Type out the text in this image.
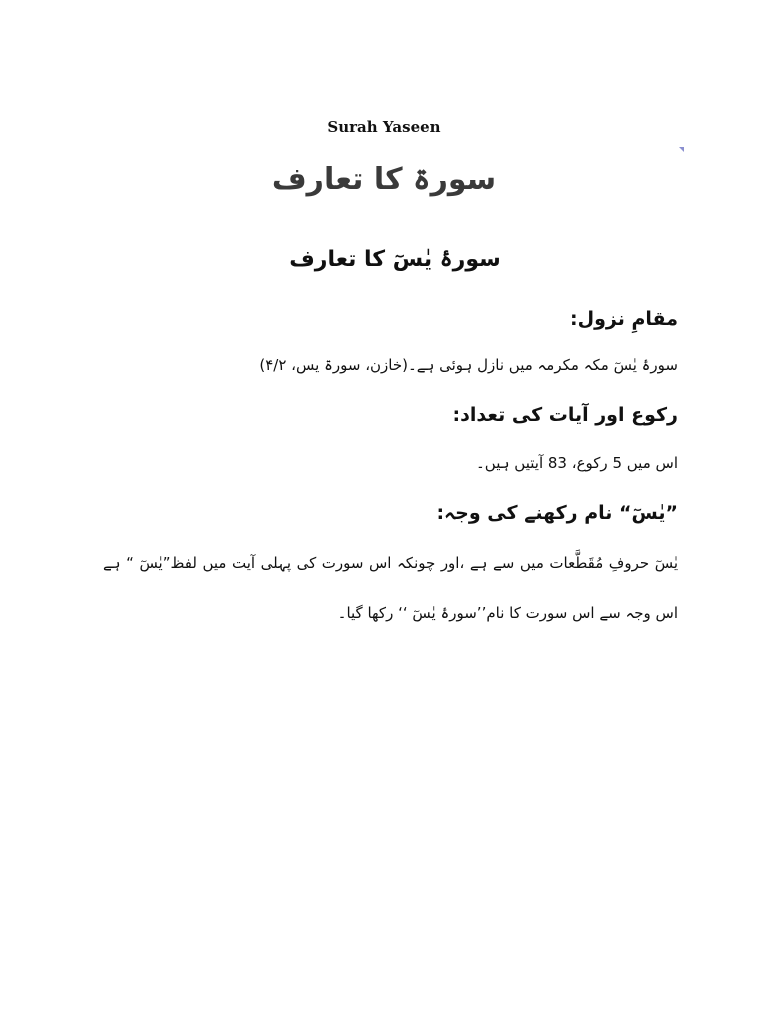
Surah Yaseen
سورۃ کا تعارف
سورۂ یٰسٓ کا تعارف
مقامِ نزول:
سورۂ یٰسٓ مکہ مکرمہ میں نازل ہوئی ہے۔(خازن، سورۃ یس، ۴/۲)
رکوع اور آیات کی تعداد:
اس میں 5 رکوع، 83 آیتیں ہیں۔
”یٰسٓ“ نام رکھنے کی وجہ:
یٰسٓ حروفِ مُقَطَّعات میں سے ہے ،اور چونکہ اس سورت کی پہلی آیت میں لفظ”یٰسٓ “ ہے اس وجہ سے اس سورت کا نام’’سورۂ یٰسٓ ‘‘ رکھا گیا۔
